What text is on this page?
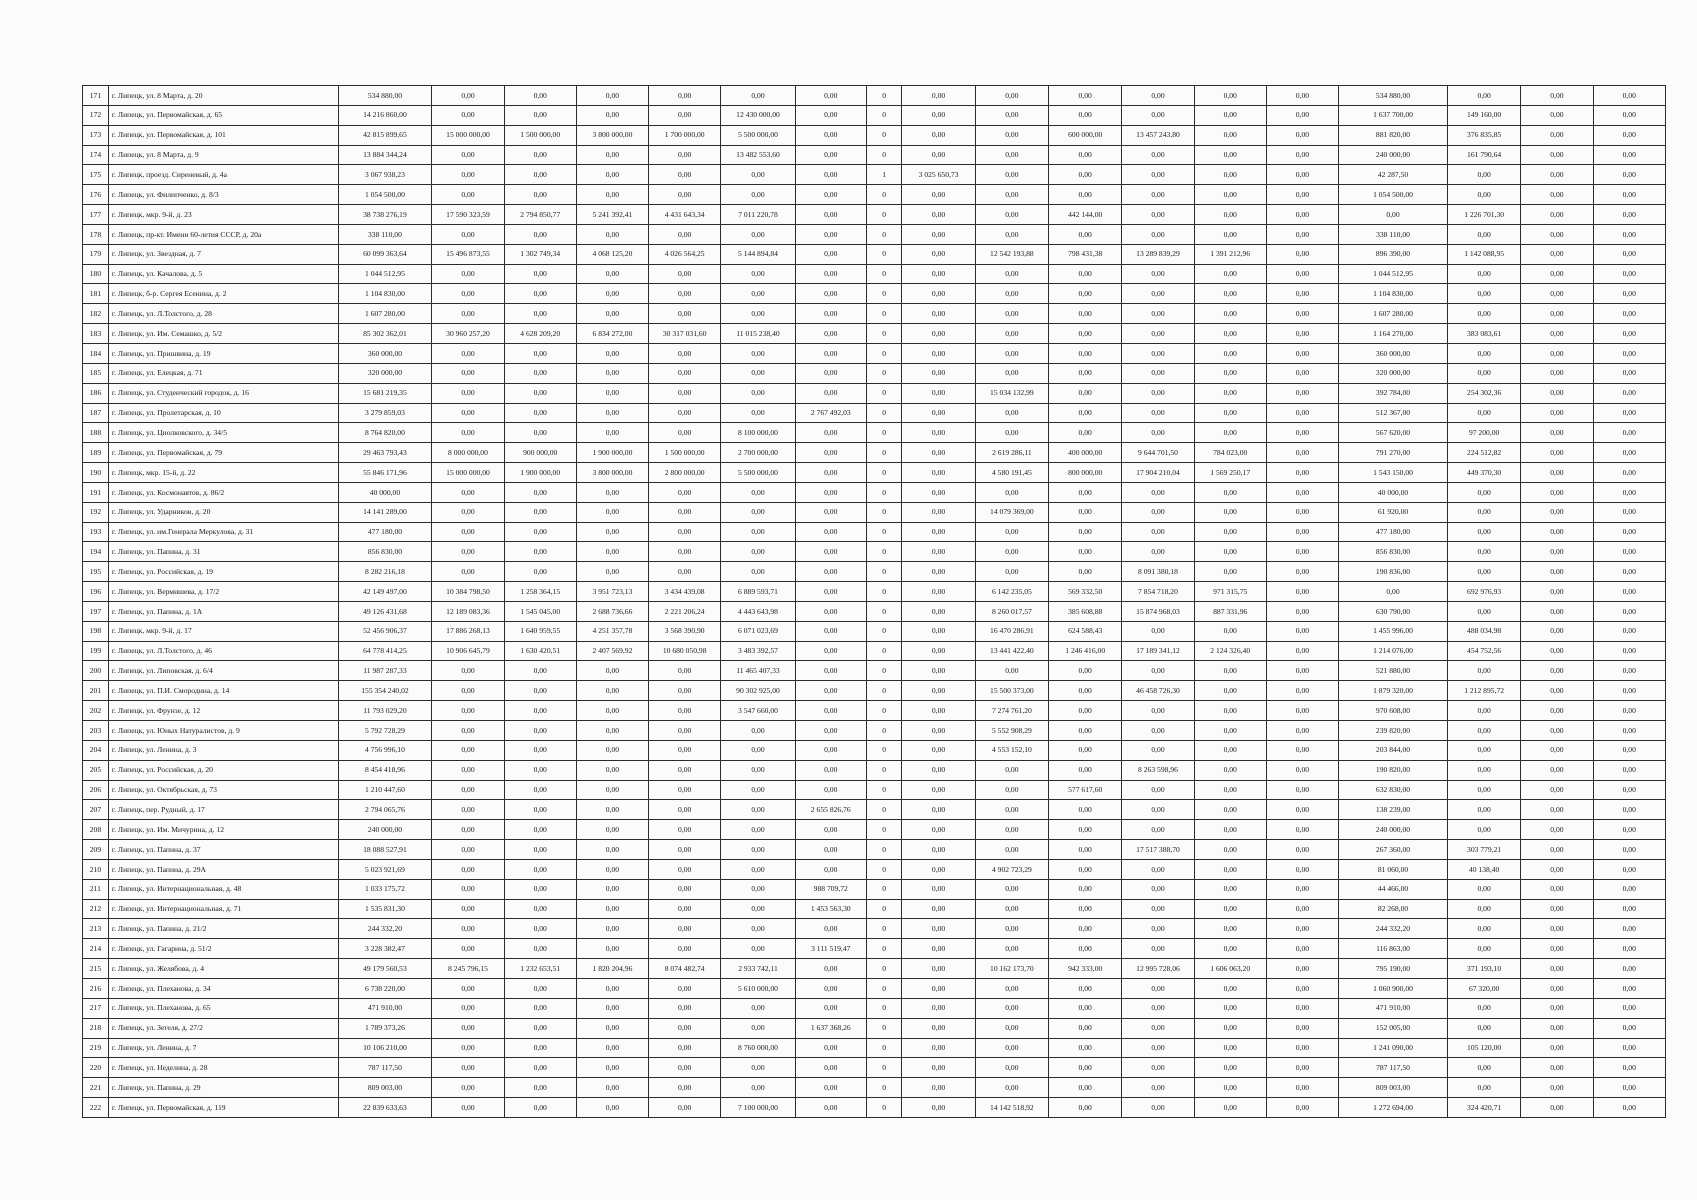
171	г. Липецк, ул. 8 Марта, д. 20	534 880,00	0,00	0,00	0,00	0,00	0,00	0,00	0	0,00	0,00	0,00	0,00	0,00	0,00	534 880,00	0,00	0,00	0,00
172	г. Липецк, ул. Первомайская, д. 65	14 216 860,00	0,00	0,00	0,00	0,00	12 430 000,00	0,00	0	0,00	0,00	0,00	0,00	0,00	0,00	1 637 700,00	149 160,00	0,00	0,00
173	г. Липецк, ул. Первомайская, д. 101	42 815 899,65	15 000 000,00	1 500 000,00	3 800 000,00	1 700 000,00	5 500 000,00	0,00	0	0,00	0,00	600 000,00	13 457 243,80	0,00	0,00	881 820,00	376 835,85	0,00	0,00
174	г. Липецк, ул. 8 Марта, д. 9	13 884 344,24	0,00	0,00	0,00	0,00	13 482 553,60	0,00	0	0,00	0,00	0,00	0,00	0,00	0,00	240 000,00	161 790,64	0,00	0,00
175	г. Липецк, проезд. Сиреневый, д. 4а	3 067 938,23	0,00	0,00	0,00	0,00	0,00	0,00	1	3 025 650,73	0,00	0,00	0,00	0,00	0,00	42 287,50	0,00	0,00	0,00
176	г. Липецк, ул. Филипченко, д. 8/3	1 054 500,00	0,00	0,00	0,00	0,00	0,00	0,00	0	0,00	0,00	0,00	0,00	0,00	0,00	1 054 500,00	0,00	0,00	0,00
177	г. Липецк, мкр. 9-й, д. 23	38 738 276,19	17 590 323,59	2 794 850,77	5 241 392,41	4 431 643,34	7 011 220,78	0,00	0	0,00	0,00	442 144,00	0,00	0,00	0,00	0,00	1 226 701,30	0,00	0,00
178	г. Липецк, пр-кт. Имени 60-летия СССР, д. 20а	338 110,00	0,00	0,00	0,00	0,00	0,00	0,00	0	0,00	0,00	0,00	0,00	0,00	0,00	338 110,00	0,00	0,00	0,00
179	г. Липецк, ул. Звездная, д. 7	60 099 363,64	15 496 873,55	1 302 749,34	4 068 125,20	4 026 564,25	5 144 894,84	0,00	0	0,00	12 542 193,88	798 431,38	13 289 839,29	1 391 212,96	0,00	896 390,00	1 142 088,95	0,00	0,00
180	г. Липецк, ул. Качалова, д. 5	1 044 512,95	0,00	0,00	0,00	0,00	0,00	0,00	0	0,00	0,00	0,00	0,00	0,00	0,00	1 044 512,95	0,00	0,00	0,00
181	г. Липецк, б-р. Сергея Есенина, д. 2	1 104 830,00	0,00	0,00	0,00	0,00	0,00	0,00	0	0,00	0,00	0,00	0,00	0,00	0,00	1 104 830,00	0,00	0,00	0,00
182	г. Липецк, ул. Л.Толстого, д. 28	1 607 280,00	0,00	0,00	0,00	0,00	0,00	0,00	0	0,00	0,00	0,00	0,00	0,00	0,00	1 607 280,00	0,00	0,00	0,00
183	г. Липецк, ул. Им. Семашко, д. 5/2	85 302 362,01	30 960 257,20	4 628 209,20	6 834 272,00	30 317 031,60	11 015 238,40	0,00	0	0,00	0,00	0,00	0,00	0,00	0,00	1 164 270,00	383 083,61	0,00	0,00
184	г. Липецк, ул. Пришвина, д. 19	360 000,00	0,00	0,00	0,00	0,00	0,00	0,00	0	0,00	0,00	0,00	0,00	0,00	0,00	360 000,00	0,00	0,00	0,00
185	г. Липецк, ул. Елецкая, д. 71	320 000,00	0,00	0,00	0,00	0,00	0,00	0,00	0	0,00	0,00	0,00	0,00	0,00	0,00	320 000,00	0,00	0,00	0,00
186	г. Липецк, ул. Студенческий городок, д. 16	15 681 219,35	0,00	0,00	0,00	0,00	0,00	0,00	0	0,00	15 034 132,99	0,00	0,00	0,00	0,00	392 784,00	254 302,36	0,00	0,00
187	г. Липецк, ул. Пролетарская, д. 10	3 279 859,03	0,00	0,00	0,00	0,00	0,00	2 767 492,03	0	0,00	0,00	0,00	0,00	0,00	0,00	512 367,00	0,00	0,00	0,00
188	г. Липецк, ул. Циолковского, д. 34/5	8 764 820,00	0,00	0,00	0,00	0,00	8 100 000,00	0,00	0	0,00	0,00	0,00	0,00	0,00	0,00	567 620,00	97 200,00	0,00	0,00
189	г. Липецк, ул. Первомайская, д. 79	29 463 793,43	8 000 000,00	900 000,00	1 900 000,00	1 500 000,00	2 700 000,00	0,00	0	0,00	2 619 286,11	400 000,00	9 644 701,50	784 023,00	0,00	791 270,00	224 512,82	0,00	0,00
190	г. Липецк, мкр. 15-й, д. 22	55 846 171,96	15 000 000,00	1 900 000,00	3 800 000,00	2 800 000,00	5 500 000,00	0,00	0	0,00	4 580 191,45	800 000,00	17 904 210,04	1 569 250,17	0,00	1 543 150,00	449 370,30	0,00	0,00
191	г. Липецк, ул. Космонавтов, д. 86/2	40 000,00	0,00	0,00	0,00	0,00	0,00	0,00	0	0,00	0,00	0,00	0,00	0,00	0,00	40 000,00	0,00	0,00	0,00
192	г. Липецк, ул. Ударников, д. 20	14 141 289,00	0,00	0,00	0,00	0,00	0,00	0,00	0	0,00	14 079 369,00	0,00	0,00	0,00	0,00	61 920,00	0,00	0,00	0,00
193	г. Липецк, ул. им.Генерала Меркулова, д. 31	477 180,00	0,00	0,00	0,00	0,00	0,00	0,00	0	0,00	0,00	0,00	0,00	0,00	0,00	477 180,00	0,00	0,00	0,00
194	г. Липецк, ул. Папина, д. 31	856 830,00	0,00	0,00	0,00	0,00	0,00	0,00	0	0,00	0,00	0,00	0,00	0,00	0,00	856 830,00	0,00	0,00	0,00
195	г. Липецк, ул. Российская, д. 19	8 282 216,18	0,00	0,00	0,00	0,00	0,00	0,00	0	0,00	0,00	0,00	8 091 380,18	0,00	0,00	190 836,00	0,00	0,00	0,00
196	г. Липецк, ул. Вермишева, д. 17/2	42 149 497,00	10 384 798,50	1 258 364,15	3 951 723,13	3 434 439,08	6 889 593,71	0,00	0	0,00	6 142 235,05	569 332,50	7 854 718,20	971 315,75	0,00	0,00	692 976,93	0,00	0,00
197	г. Липецк, ул. Папина, д. 1А	49 126 431,68	12 189 083,36	1 545 045,00	2 688 736,66	2 221 206,24	4 443 643,98	0,00	0	0,00	8 260 017,57	385 608,88	15 874 968,03	887 331,96	0,00	630 790,00	0,00	0,00	0,00
198	г. Липецк, мкр. 9-й, д. 17	52 456 906,37	17 886 268,13	1 640 959,55	4 251 357,78	3 568 390,90	6 071 023,69	0,00	0	0,00	16 470 286,91	624 588,43	0,00	0,00	0,00	1 455 996,00	488 034,98	0,00	0,00
199	г. Липецк, ул. Л.Толстого, д. 46	64 778 414,25	10 906 645,79	1 630 420,51	2 407 569,92	10 680 050,98	3 483 392,57	0,00	0	0,00	13 441 422,40	1 246 416,00	17 189 341,12	2 124 326,40	0,00	1 214 076,00	454 752,56	0,00	0,00
200	г. Липецк, ул. Липовская, д. 6/4	11 987 287,33	0,00	0,00	0,00	0,00	11 465 407,33	0,00	0	0,00	0,00	0,00	0,00	0,00	0,00	521 880,00	0,00	0,00	0,00
201	г. Липецк, ул. П.И. Смородина, д. 14	155 354 240,02	0,00	0,00	0,00	0,00	90 302 925,00	0,00	0	0,00	15 500 373,00	0,00	46 458 726,30	0,00	0,00	1 879 320,00	1 212 895,72	0,00	0,00
202	г. Липецк, ул. Фрунзе, д. 12	11 793 029,20	0,00	0,00	0,00	0,00	3 547 660,00	0,00	0	0,00	7 274 761,20	0,00	0,00	0,00	0,00	970 608,00	0,00	0,00	0,00
203	г. Липецк, ул. Юных Натуралистов, д. 9	5 792 728,29	0,00	0,00	0,00	0,00	0,00	0,00	0	0,00	5 552 908,29	0,00	0,00	0,00	0,00	239 820,00	0,00	0,00	0,00
204	г. Липецк, ул. Ленина, д. 3	4 756 996,10	0,00	0,00	0,00	0,00	0,00	0,00	0	0,00	4 553 152,10	0,00	0,00	0,00	0,00	203 844,00	0,00	0,00	0,00
205	г. Липецк, ул. Российская, д. 20	8 454 418,96	0,00	0,00	0,00	0,00	0,00	0,00	0	0,00	0,00	0,00	8 263 598,96	0,00	0,00	190 820,00	0,00	0,00	0,00
206	г. Липецк, ул. Октябрьская, д. 73	1 210 447,60	0,00	0,00	0,00	0,00	0,00	0,00	0	0,00	0,00	577 617,60	0,00	0,00	0,00	632 830,00	0,00	0,00	0,00
207	г. Липецк, пер. Рудный, д. 17	2 794 065,76	0,00	0,00	0,00	0,00	0,00	2 655 826,76	0	0,00	0,00	0,00	0,00	0,00	0,00	138 239,00	0,00	0,00	0,00
208	г. Липецк, ул. Им. Мичурина, д. 12	240 000,00	0,00	0,00	0,00	0,00	0,00	0,00	0	0,00	0,00	0,00	0,00	0,00	0,00	240 000,00	0,00	0,00	0,00
209	г. Липецк, ул. Папина, д. 37	18 088 527,91	0,00	0,00	0,00	0,00	0,00	0,00	0	0,00	0,00	0,00	17 517 388,70	0,00	0,00	267 360,00	303 779,21	0,00	0,00
210	г. Липецк, ул. Папина, д. 29А	5 023 921,69	0,00	0,00	0,00	0,00	0,00	0,00	0	0,00	4 902 723,29	0,00	0,00	0,00	0,00	81 060,00	40 138,40	0,00	0,00
211	г. Липецк, ул. Интернациональная, д. 48	1 033 175,72	0,00	0,00	0,00	0,00	0,00	988 709,72	0	0,00	0,00	0,00	0,00	0,00	0,00	44 466,00	0,00	0,00	0,00
212	г. Липецк, ул. Интернациональная, д. 71	1 535 831,30	0,00	0,00	0,00	0,00	0,00	1 453 563,30	0	0,00	0,00	0,00	0,00	0,00	0,00	82 268,00	0,00	0,00	0,00
213	г. Липецк, ул. Папина, д. 21/2	244 332,20	0,00	0,00	0,00	0,00	0,00	0,00	0	0,00	0,00	0,00	0,00	0,00	0,00	244 332,20	0,00	0,00	0,00
214	г. Липецк, ул. Гагарина, д. 51/2	3 228 382,47	0,00	0,00	0,00	0,00	0,00	3 111 519,47	0	0,00	0,00	0,00	0,00	0,00	0,00	116 863,00	0,00	0,00	0,00
215	г. Липецк, ул. Желябова, д. 4	49 179 560,53	8 245 796,15	1 232 653,51	1 820 204,96	8 074 482,74	2 933 742,11	0,00	0	0,00	10 162 173,70	942 333,00	12 995 728,06	1 606 063,20	0,00	795 190,00	371 193,10	0,00	0,00
216	г. Липецк, ул. Плеханова, д. 34	6 738 220,00	0,00	0,00	0,00	0,00	5 610 000,00	0,00	0	0,00	0,00	0,00	0,00	0,00	0,00	1 060 900,00	67 320,00	0,00	0,00
217	г. Липецк, ул. Плеханова, д. 65	471 910,00	0,00	0,00	0,00	0,00	0,00	0,00	0	0,00	0,00	0,00	0,00	0,00	0,00	471 910,00	0,00	0,00	0,00
218	г. Липецк, ул. Зегеля, д. 27/2	1 789 373,26	0,00	0,00	0,00	0,00	0,00	1 637 368,26	0	0,00	0,00	0,00	0,00	0,00	0,00	152 005,00	0,00	0,00	0,00
219	г. Липецк, ул. Ленина, д. 7	10 106 210,00	0,00	0,00	0,00	0,00	8 760 000,00	0,00	0	0,00	0,00	0,00	0,00	0,00	0,00	1 241 090,00	105 120,00	0,00	0,00
220	г. Липецк, ул. Неделина, д. 28	787 117,50	0,00	0,00	0,00	0,00	0,00	0,00	0	0,00	0,00	0,00	0,00	0,00	0,00	787 117,50	0,00	0,00	0,00
221	г. Липецк, ул. Папина, д. 29	809 003,00	0,00	0,00	0,00	0,00	0,00	0,00	0	0,00	0,00	0,00	0,00	0,00	0,00	809 003,00	0,00	0,00	0,00
222	г. Липецк, ул. Первомайская, д. 119	22 839 633,63	0,00	0,00	0,00	0,00	7 100 000,00	0,00	0	0,00	14 142 518,92	0,00	0,00	0,00	0,00	1 272 694,00	324 420,71	0,00	0,00
